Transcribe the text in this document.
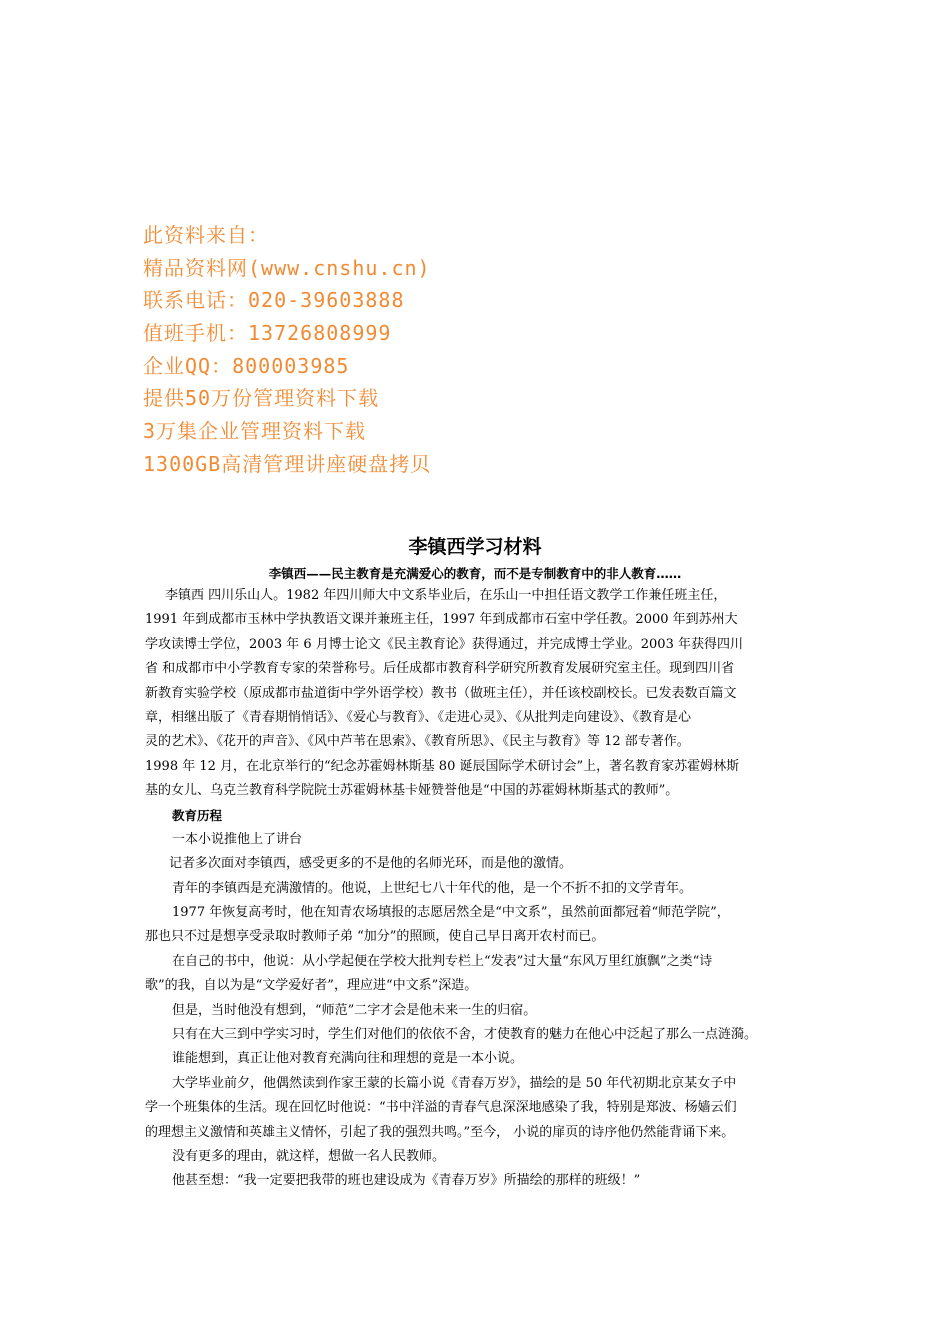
此资料来自：
精品资料网(www.cnshu.cn)
联系电话：020-39603888
值班手机：13726808999
企业QQ：800003985
提供50万份管理资料下载
3万集企业管理资料下载
1300GB高清管理讲座硬盘拷贝
李镇西学习材料
李镇西——民主教育是充满爱心的教育，而不是专制教育中的非人教育……
李镇西 四川乐山人。1982 年四川师大中文系毕业后，在乐山一中担任语文教学工作兼任班主任，
1991 年到成都市玉林中学执教语文课并兼班主任，1997 年到成都市石室中学任教。2000 年到苏州大
学攻读博士学位，2003 年 6 月博士论文《民主教育论》获得通过，并完成博士学业。2003 年获得四川
省 和成都市中小学教育专家的荣誉称号。后任成都市教育科学研究所教育发展研究室主任。现到四川省
新教育实验学校（原成都市盐道街中学外语学校）教书（做班主任），并任该校副校长。已发表数百篇文
章，相继出版了《青春期悄悄话》、《爱心与教育》、《走进心灵》、《从批判走向建设》、《教育是心
灵的艺术》、《花开的声音》、《风中芦苇在思索》、《教育所思》、《民主与教育》等 12 部专著作。
1998 年 12 月，在北京举行的“纪念苏霍姆林斯基 80 诞辰国际学术研讨会”上，著名教育家苏霍姆林斯
基的女儿、乌克兰教育科学院院士苏霍姆林基卡娅赞誉他是“中国的苏霍姆林斯基式的教师”。
教育历程
一本小说推他上了讲台
记者多次面对李镇西，感受更多的不是他的名师光环，而是他的激情。
青年的李镇西是充满激情的。他说，上世纪七八十年代的他，是一个不折不扣的文学青年。
1977 年恢复高考时，他在知青农场填报的志愿居然全是“中文系”，虽然前面都冠着“师范学院”，
那也只不过是想享受录取时教师子弟 “加分”的照顾，使自己早日离开农村而已。
在自己的书中，他说：从小学起便在学校大批判专栏上“发表”过大量“东风万里红旗飘”之类“诗
歌”的我，自以为是“文学爱好者”，理应进“中文系”深造。
但是，当时他没有想到，“师范”二字才会是他未来一生的归宿。
只有在大三到中学实习时，学生们对他们的依依不舍，才使教育的魅力在他心中泛起了那么一点涟漪。
谁能想到，真正让他对教育充满向往和理想的竟是一本小说。
大学毕业前夕，他偶然读到作家王蒙的长篇小说《青春万岁》，描绘的是 50 年代初期北京某女子中
学一个班集体的生活。现在回忆时他说：“书中洋溢的青春气息深深地感染了我，特别是郑波、杨嫱云们
的理想主义激情和英雄主义情怀，引起了我的强烈共鸣。”至今， 小说的扉页的诗序他仍然能背诵下来。
没有更多的理由，就这样，想做一名人民教师。
他甚至想：“我一定要把我带的班也建设成为《青春万岁》所描绘的那样的班级！”
